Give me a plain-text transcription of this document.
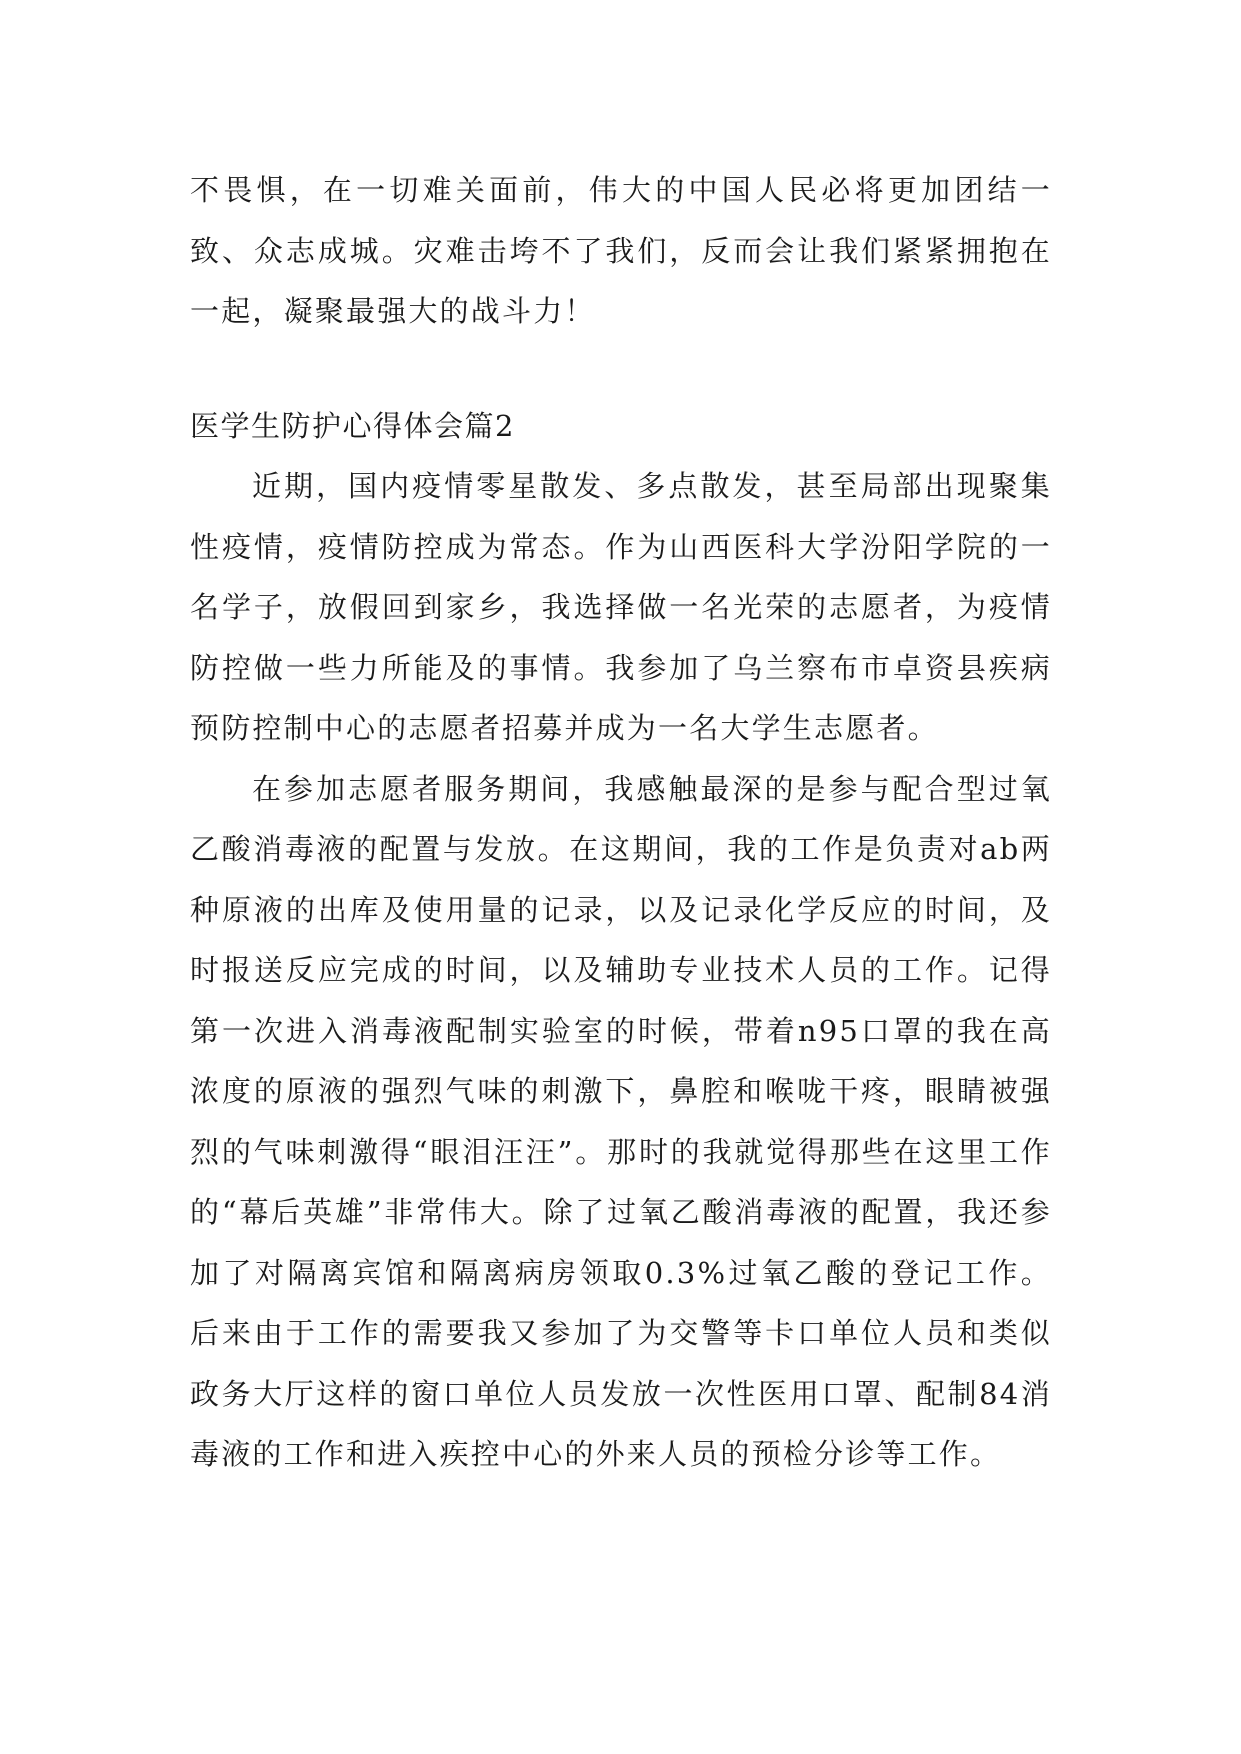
不畏惧，在一切难关面前，伟大的中国人民必将更加团结一致、众志成城。灾难击垮不了我们，反而会让我们紧紧拥抱在一起，凝聚最强大的战斗力！

医学生防护心得体会篇2

近期，国内疫情零星散发、多点散发，甚至局部出现聚集性疫情，疫情防控成为常态。作为山西医科大学汾阳学院的一名学子，放假回到家乡，我选择做一名光荣的志愿者，为疫情防控做一些力所能及的事情。我参加了乌兰察布市卓资县疾病预防控制中心的志愿者招募并成为一名大学生志愿者。

在参加志愿者服务期间，我感触最深的是参与配合型过氧乙酸消毒液的配置与发放。在这期间，我的工作是负责对ab两种原液的出库及使用量的记录，以及记录化学反应的时间，及时报送反应完成的时间，以及辅助专业技术人员的工作。记得第一次进入消毒液配制实验室的时候，带着n95口罩的我在高浓度的原液的强烈气味的刺激下，鼻腔和喉咙干疼，眼睛被强烈的气味刺激得“眼泪汪汪”。那时的我就觉得那些在这里工作的“幕后英雄”非常伟大。除了过氧乙酸消毒液的配置，我还参加了对隔离宾馆和隔离病房领取0.3%过氧乙酸的登记工作。后来由于工作的需要我又参加了为交警等卡口单位人员和类似政务大厅这样的窗口单位人员发放一次性医用口罩、配制84消毒液的工作和进入疾控中心的外来人员的预检分诊等工作。
